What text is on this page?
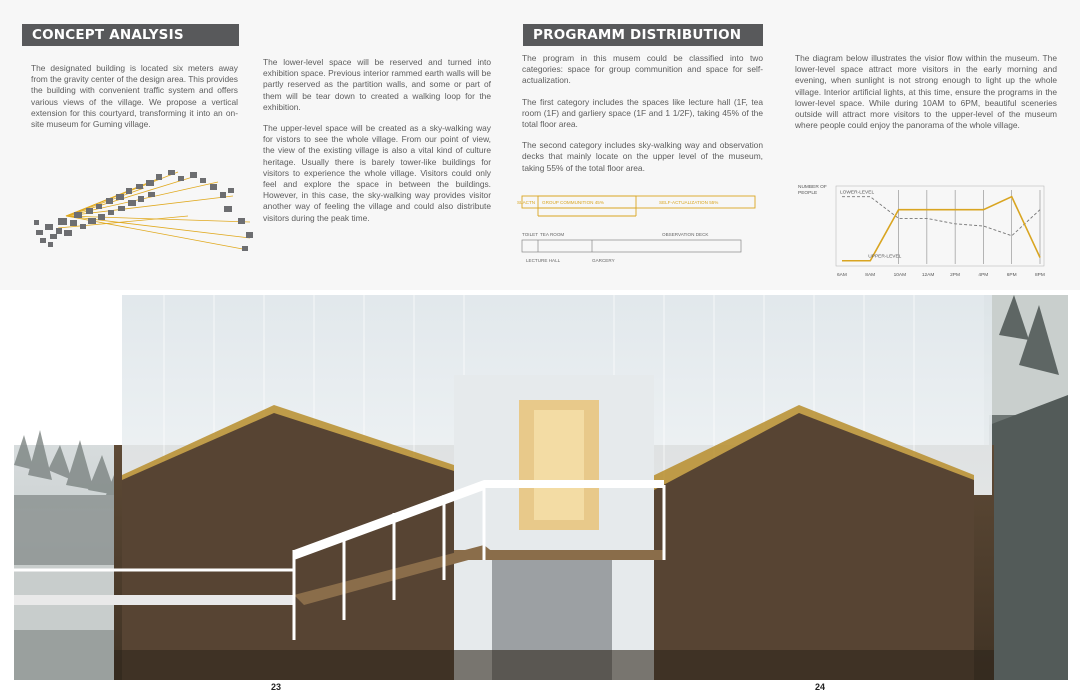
CONCEPT ANALYSIS

The designated building is located six meters away from the gravity center of the design area. This provides the building with convenient traffic system and offers various views of the village. We propose a vertical extension for this courtyard, transforming it into an on-site museum for Guming village.

The lower-level space will be reserved and turned into exhibition space. Previous interior rammed earth walls will be partly reserved as the partition walls, and some or part of them will be tear down to created a walking loop for the exhibition.

The upper-level space will be created as a sky-walking way for vistors to see the whole village. From our point of view, the view of the existing village is also a vital kind of culture heritage. Usually there is barely tower-like buildings for visitors to experience the whole village. Visitors could only feel and explore the space in between the buildings. However, in this case, the sky-walking way provides visitor another way of feeling the village and could also distribute visitors during the peak time.

PROGRAMM DISTRIBUTION

The program in this musem could be classified into two categories: space for group communition and space for self-actualization.

The first category includes the spaces like lecture hall (1F, tea room (1F) and garliery space (1F and 1 1/2F), taking 45% of the total floor area.

The second category includes sky-walking way and observation decks that mainly locate on the upper level of the museum, taking 55% of the total floor area.

SLACTN GROUP COMMUNITION 45%	SELF-ACTUALIZATION 55%
TOILET TEA ROOM	OBSERVATION DECK
LECTURE HALL	GARCERY

The diagram below illustrates the visior flow within the museum. The lower-level space attract more visitors in the early morning and evening, when sunlight is not strong enough to light up the whole village. Interior artificial lights, at this time, ensure the programs in the lower-level space. While during 10AM to 6PM, beautiful sceneries outside will attract more visitors to the upper-level of the museum where people could enjoy the panorama of the whole village.

NUMBER OF
PEOPLE
6AM	8AM	10AM	12AM	2PM	4PM	6PM	8PM
LOWER-LEVEL
UPPER-LEVEL
23	24
